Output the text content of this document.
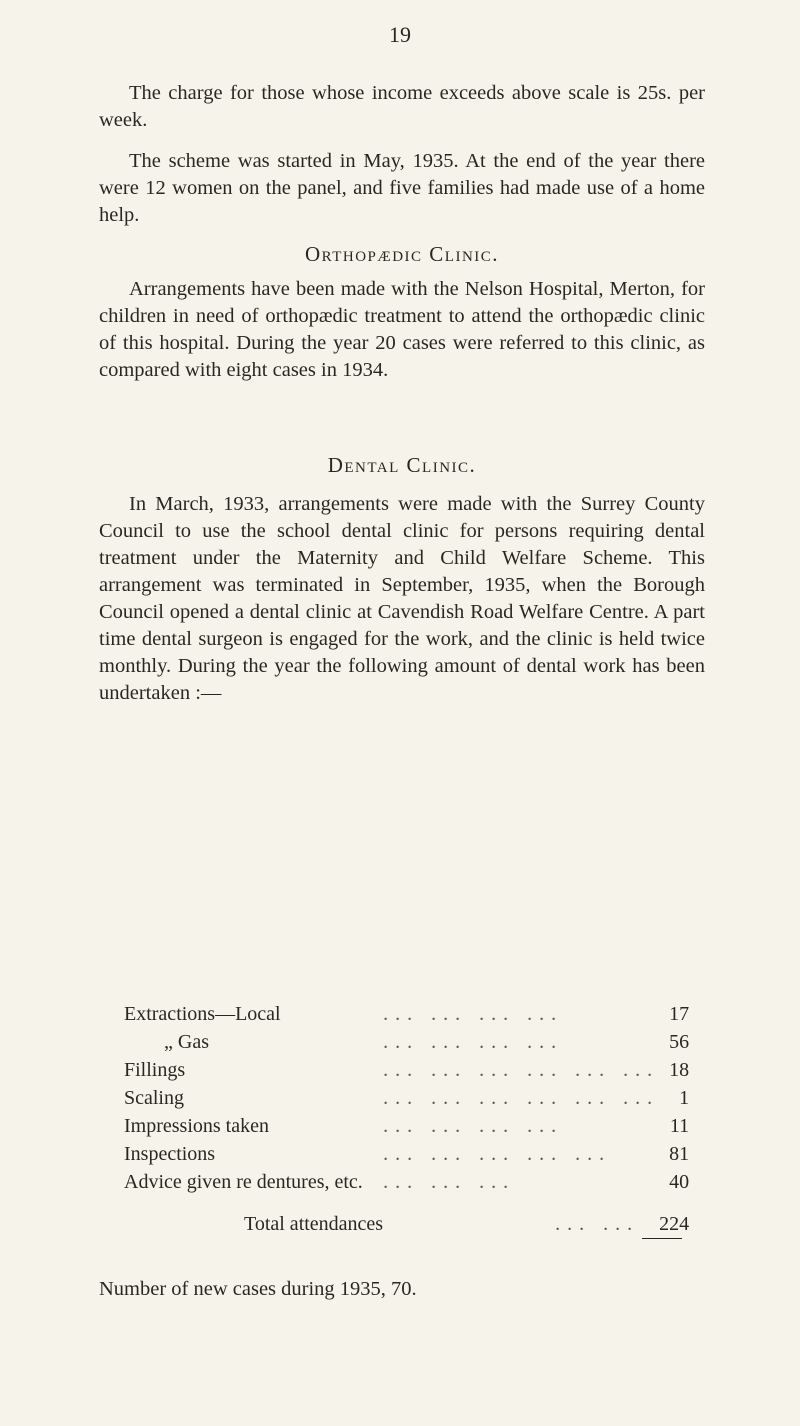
19

The charge for those whose income exceeds above scale is 25s. per week.

The scheme was started in May, 1935. At the end of the year there were 12 women on the panel, and five families had made use of a home help.

Orthopædic Clinic.

Arrangements have been made with the Nelson Hospital, Merton, for children in need of orthopædic treatment to attend the orthopædic clinic of this hospital. During the year 20 cases were referred to this clinic, as compared with eight cases in 1934.

Dental Clinic.

In March, 1933, arrangements were made with the Surrey County Council to use the school dental clinic for persons requiring dental treatment under the Maternity and Child Welfare Scheme. This arrangement was terminated in September, 1935, when the Borough Council opened a dental clinic at Cavendish Road Welfare Centre. A part time dental surgeon is engaged for the work, and the clinic is held twice monthly. During the year the following amount of dental work has been undertaken :—

Extractions—Local	... ... ... ...	17
„ Gas	... ... ... ...	56
Fillings	... ... ... ... ... ...	18
Scaling	... ... ... ... ... ...	1
Impressions taken	... ... ... ...	11
Inspections	... ... ... ... ...	81
Advice given re dentures, etc.	... ... ...	40
Total attendances	... ...	224

Number of new cases during 1935, 70.
